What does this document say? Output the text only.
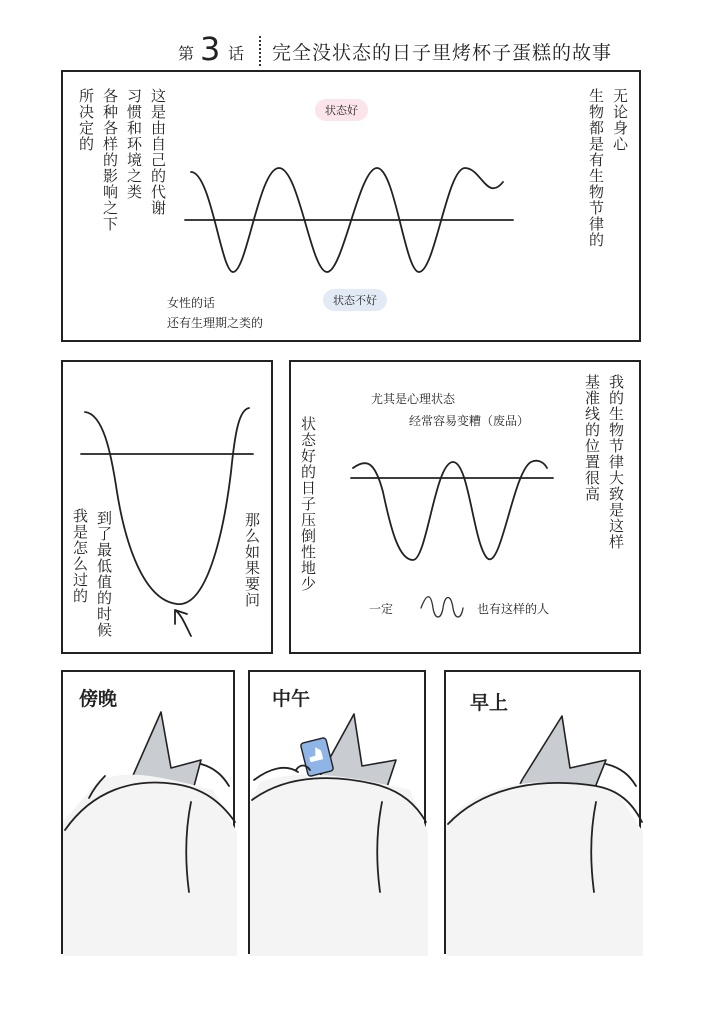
第 3 话 完全没状态的日子里烤杯子蛋糕的故事
无论身心
生物都是有生物节律的
这是由自己的代谢
习惯和环境之类
各种各样的影响之下
所决定的	状态好
状态不好
女性的话
还有生理期之类的
那么如果要问
到了最低值的时候
我是怎么过的
我的生物节律大致是这样
基准线的位置很高
状态好的日子压倒性地少
尤其是心理状态
经常容易变糟（废品）
一定	也有这样的人
傍晚	中午	早上
